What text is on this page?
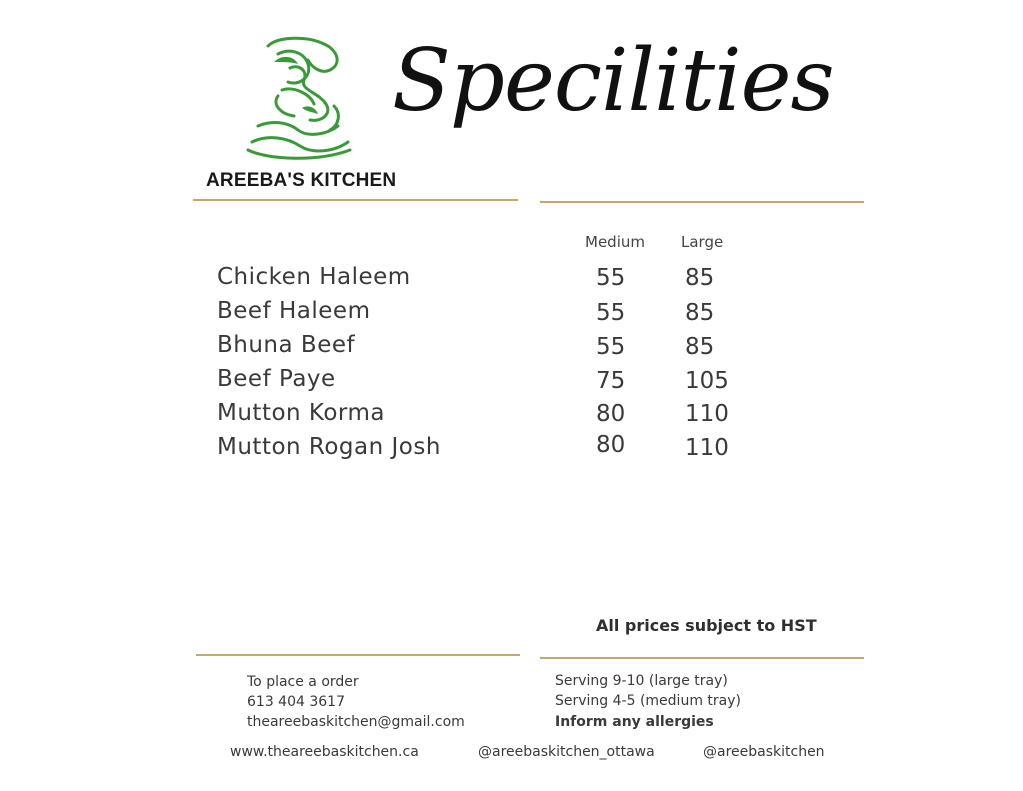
AREEBA'S KITCHEN
Specilities
Medium Large
Chicken Haleem	55	85
Beef Haleem	55	85
Bhuna Beef	55	85
Beef Paye	75	105
Mutton Korma	80	110
Mutton Rogan Josh	80	110
All prices subject to HST
To place a order
613 404 3617
theareebaskitchen@gmail.com
Serving 9-10 (large tray)
Serving 4-5 (medium tray)
Inform any allergies
www.theareebaskitchen.ca	@areebaskitchen_ottawa	@areebaskitchen
